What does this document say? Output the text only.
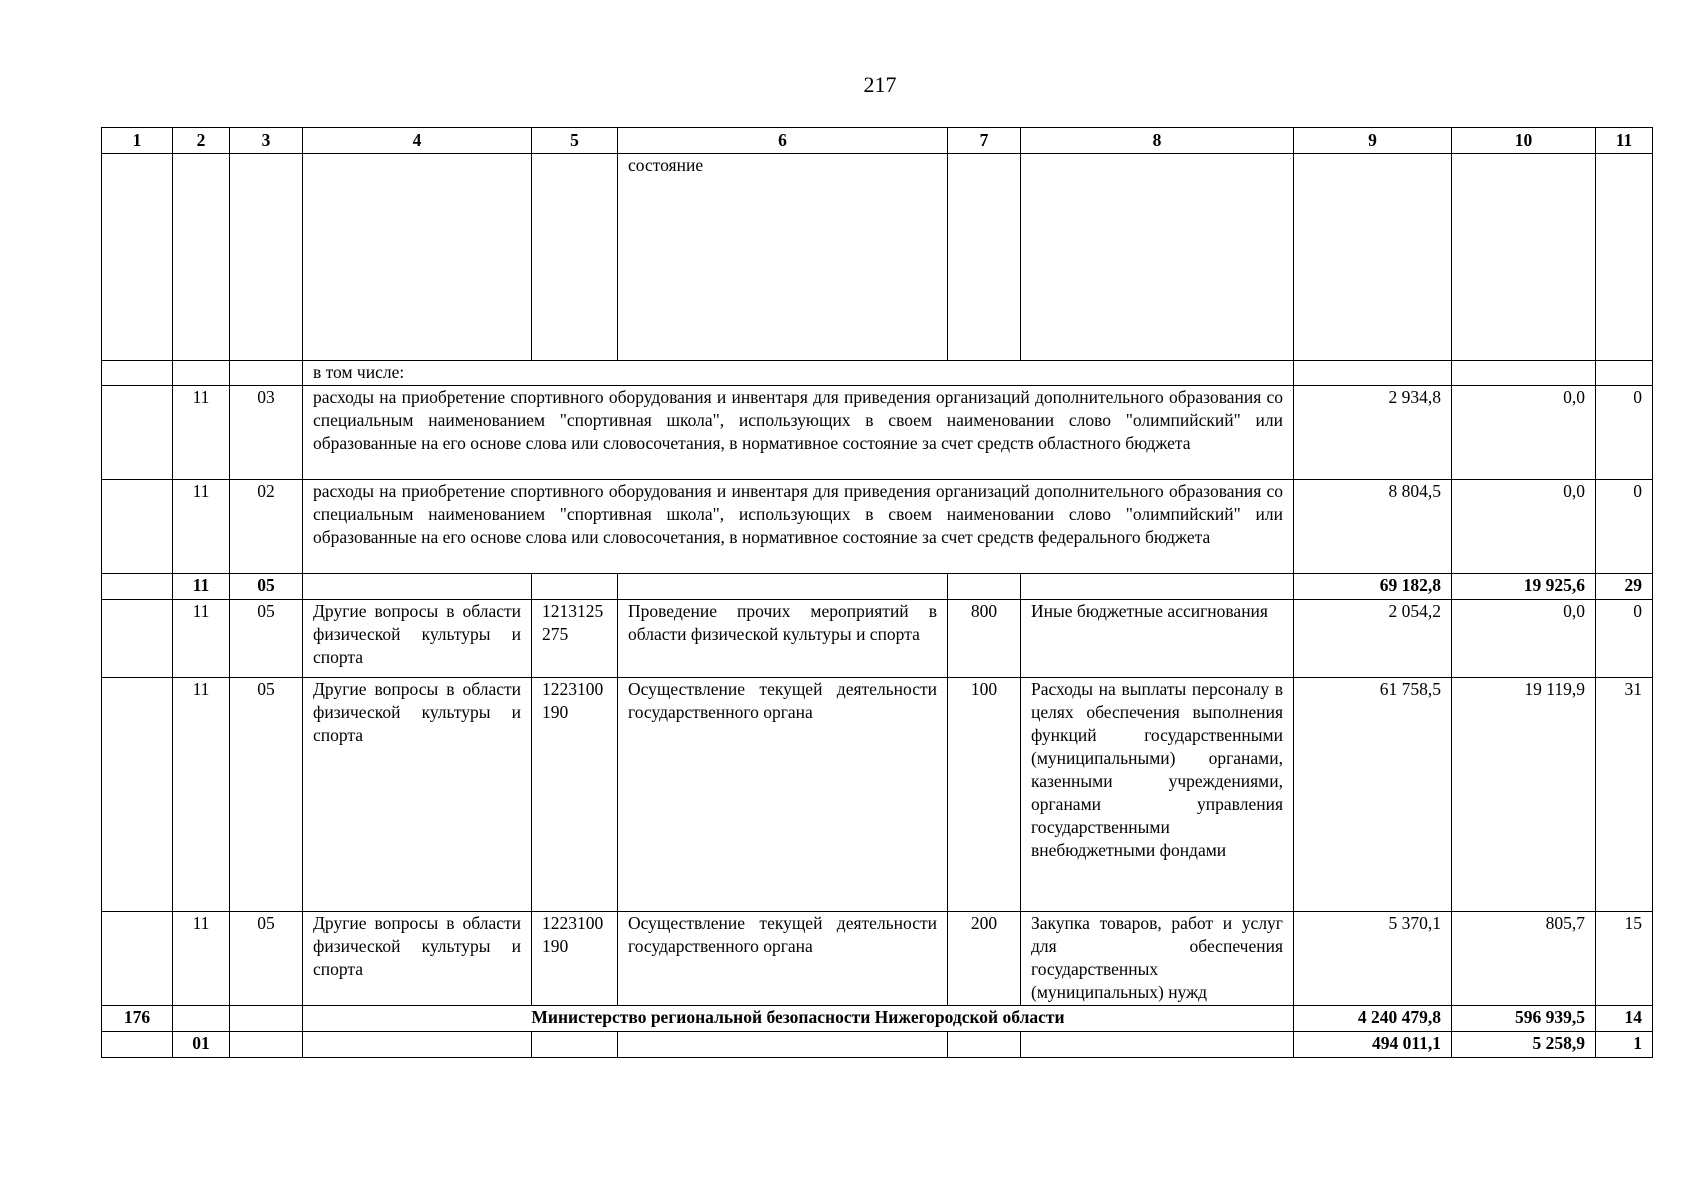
217
1	2	3	4	5	6	7	8	9	10	11
					состояние					
			в том числе:							
	11	03	расходы на приобретение спортивного оборудования и инвентаря для приведения организаций дополнительного образования со специальным наименованием "спортивная школа", использующих в своем наименовании слово "олимпийский" или образованные на его основе слова или словосочетания, в нормативное состояние за счет средств областного бюджета					2 934,8	0,0	0
	11	02	расходы на приобретение спортивного оборудования и инвентаря для приведения организаций дополнительного образования со специальным наименованием "спортивная школа", использующих в своем наименовании слово "олимпийский" или образованные на его основе слова или словосочетания, в нормативное состояние за счет средств федерального бюджета					8 804,5	0,0	0
	11	05						69 182,8	19 925,6	29
	11	05	Другие вопросы в области физической культуры и спорта	1213125275	Проведение прочих мероприятий в области физической культуры и спорта	800	Иные бюджетные ассигнования	2 054,2	0,0	0
	11	05	Другие вопросы в области физической культуры и спорта	1223100190	Осуществление текущей деятельности государственного органа	100	Расходы на выплаты персоналу в целях обеспечения выполнения функций государственными (муниципальными) органами, казенными учреждениями, органами управления государственными внебюджетными фондами	61 758,5	19 119,9	31
	11	05	Другие вопросы в области физической культуры и спорта	1223100190	Осуществление текущей деятельности государственного органа	200	Закупка товаров, работ и услуг для обеспечения государственных (муниципальных) нужд	5 370,1	805,7	15
176			Министерство региональной безопасности Нижегородской области					4 240 479,8	596 939,5	14
	01							494 011,1	5 258,9	1
